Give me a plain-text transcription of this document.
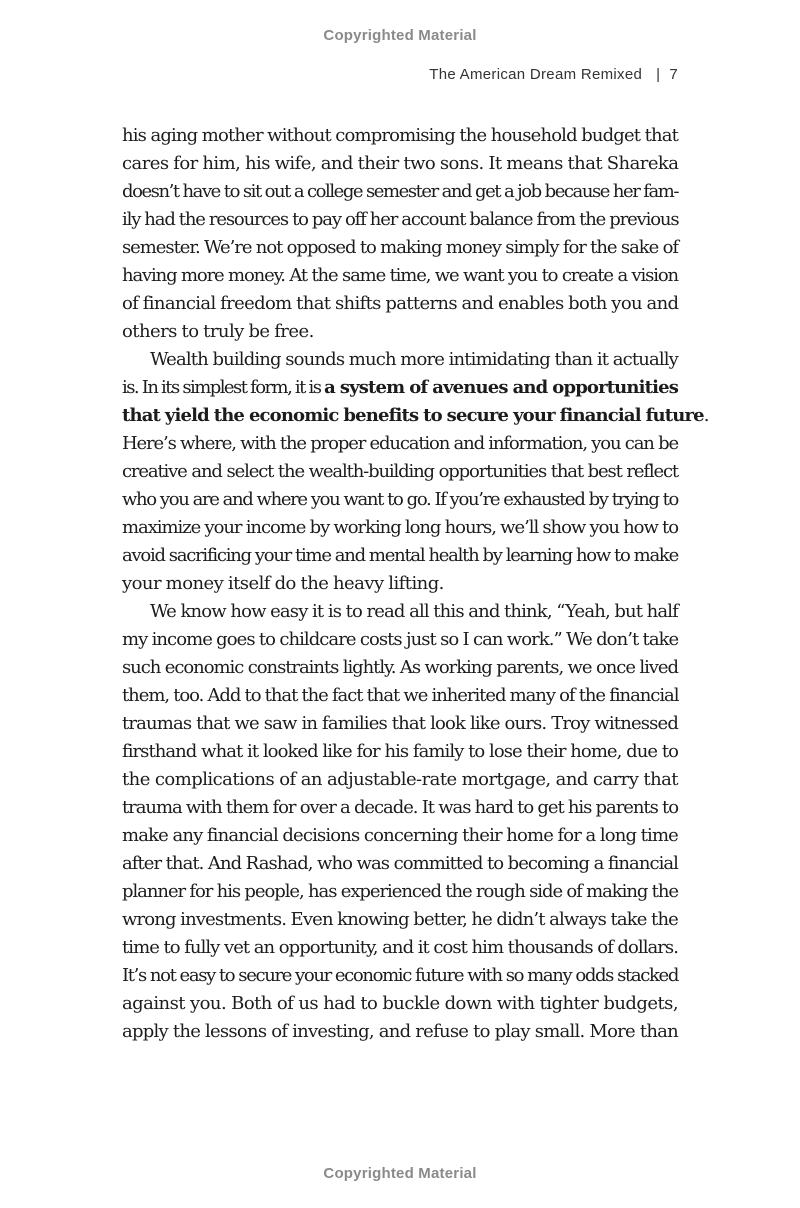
Copyrighted Material
The American Dream Remixed | 7
his aging mother without compromising the household budget that
cares for him, his wife, and their two sons. It means that Shareka
doesn’t have to sit out a college semester and get a job because her fam-
ily had the resources to pay off her account balance from the previous
semester. We’re not opposed to making money simply for the sake of
having more money. At the same time, we want you to create a vision
of financial freedom that shifts patterns and enables both you and
others to truly be free.
Wealth building sounds much more intimidating than it actually
is. In its simplest form, it is a system of avenues and opportunities
that yield the economic benefits to secure your financial future.
Here’s where, with the proper education and information, you can be
creative and select the wealth-building opportunities that best reflect
who you are and where you want to go. If you’re exhausted by trying to
maximize your income by working long hours, we’ll show you how to
avoid sacrificing your time and mental health by learning how to make
your money itself do the heavy lifting.
We know how easy it is to read all this and think, “Yeah, but half
my income goes to childcare costs just so I can work.” We don’t take
such economic constraints lightly. As working parents, we once lived
them, too. Add to that the fact that we inherited many of the financial
traumas that we saw in families that look like ours. Troy witnessed
firsthand what it looked like for his family to lose their home, due to
the complications of an adjustable-rate mortgage, and carry that
trauma with them for over a decade. It was hard to get his parents to
make any financial decisions concerning their home for a long time
after that. And Rashad, who was committed to becoming a financial
planner for his people, has experienced the rough side of making the
wrong investments. Even knowing better, he didn’t always take the
time to fully vet an opportunity, and it cost him thousands of dollars.
It’s not easy to secure your economic future with so many odds stacked
against you. Both of us had to buckle down with tighter budgets,
apply the lessons of investing, and refuse to play small. More than
Copyrighted Material
